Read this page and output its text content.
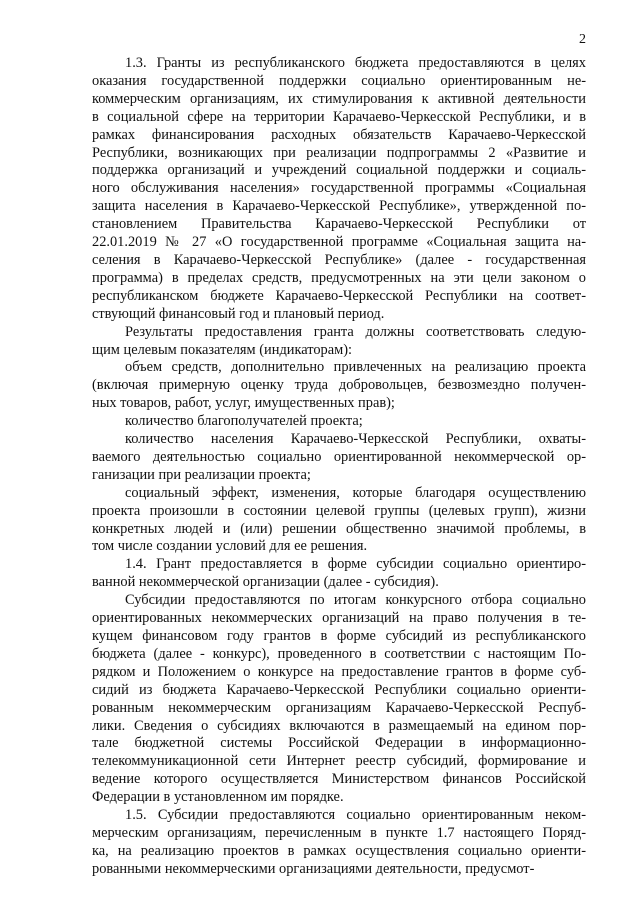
2
1.3. Гранты из республиканского бюджета предоставляются в целях
оказания государственной поддержки социально ориентированным не-
коммерческим организациям, их стимулирования к активной деятельности
в социальной сфере на территории Карачаево-Черкесской Республики, и в
рамках финансирования расходных обязательств Карачаево-Черкесской
Республики, возникающих при реализации подпрограммы 2 «Развитие и
поддержка организаций и учреждений социальной поддержки и социаль-
ного обслуживания населения» государственной программы «Социальная
защита населения в Карачаево-Черкесской Республике», утвержденной по-
становлением Правительства Карачаево-Черкесской Республики от
22.01.2019 № 27 «О государственной программе «Социальная защита на-
селения в Карачаево-Черкесской Республике» (далее - государственная
программа) в пределах средств, предусмотренных на эти цели законом о
республиканском бюджете Карачаево-Черкесской Республики на соответ-
ствующий финансовый год и плановый период.
Результаты предоставления гранта должны соответствовать следую-
щим целевым показателям (индикаторам):
объем средств, дополнительно привлеченных на реализацию проекта
(включая примерную оценку труда добровольцев, безвозмездно получен-
ных товаров, работ, услуг, имущественных прав);
количество благополучателей проекта;
количество населения Карачаево-Черкесской Республики, охваты-
ваемого деятельностью социально ориентированной некоммерческой ор-
ганизации при реализации проекта;
социальный эффект, изменения, которые благодаря осуществлению
проекта произошли в состоянии целевой группы (целевых групп), жизни
конкретных людей и (или) решении общественно значимой проблемы, в
том числе создании условий для ее решения.
1.4. Грант предоставляется в форме субсидии социально ориентиро-
ванной некоммерческой организации (далее - субсидия).
Субсидии предоставляются по итогам конкурсного отбора социально
ориентированных некоммерческих организаций на право получения в те-
кущем финансовом году грантов в форме субсидий из республиканского
бюджета (далее - конкурс), проведенного в соответствии с настоящим По-
рядком и Положением о конкурсе на предоставление грантов в форме суб-
сидий из бюджета Карачаево-Черкесской Республики социально ориенти-
рованным некоммерческим организациям Карачаево-Черкесской Респуб-
лики. Сведения о субсидиях включаются в размещаемый на едином пор-
тале бюджетной системы Российской Федерации в информационно-
телекоммуникационной сети Интернет реестр субсидий, формирование и
ведение которого осуществляется Министерством финансов Российской
Федерации в установленном им порядке.
1.5. Субсидии предоставляются социально ориентированным неком-
мерческим организациям, перечисленным в пункте 1.7 настоящего Поряд-
ка, на реализацию проектов в рамках осуществления социально ориенти-
рованными некоммерческими организациями деятельности, предусмот-
